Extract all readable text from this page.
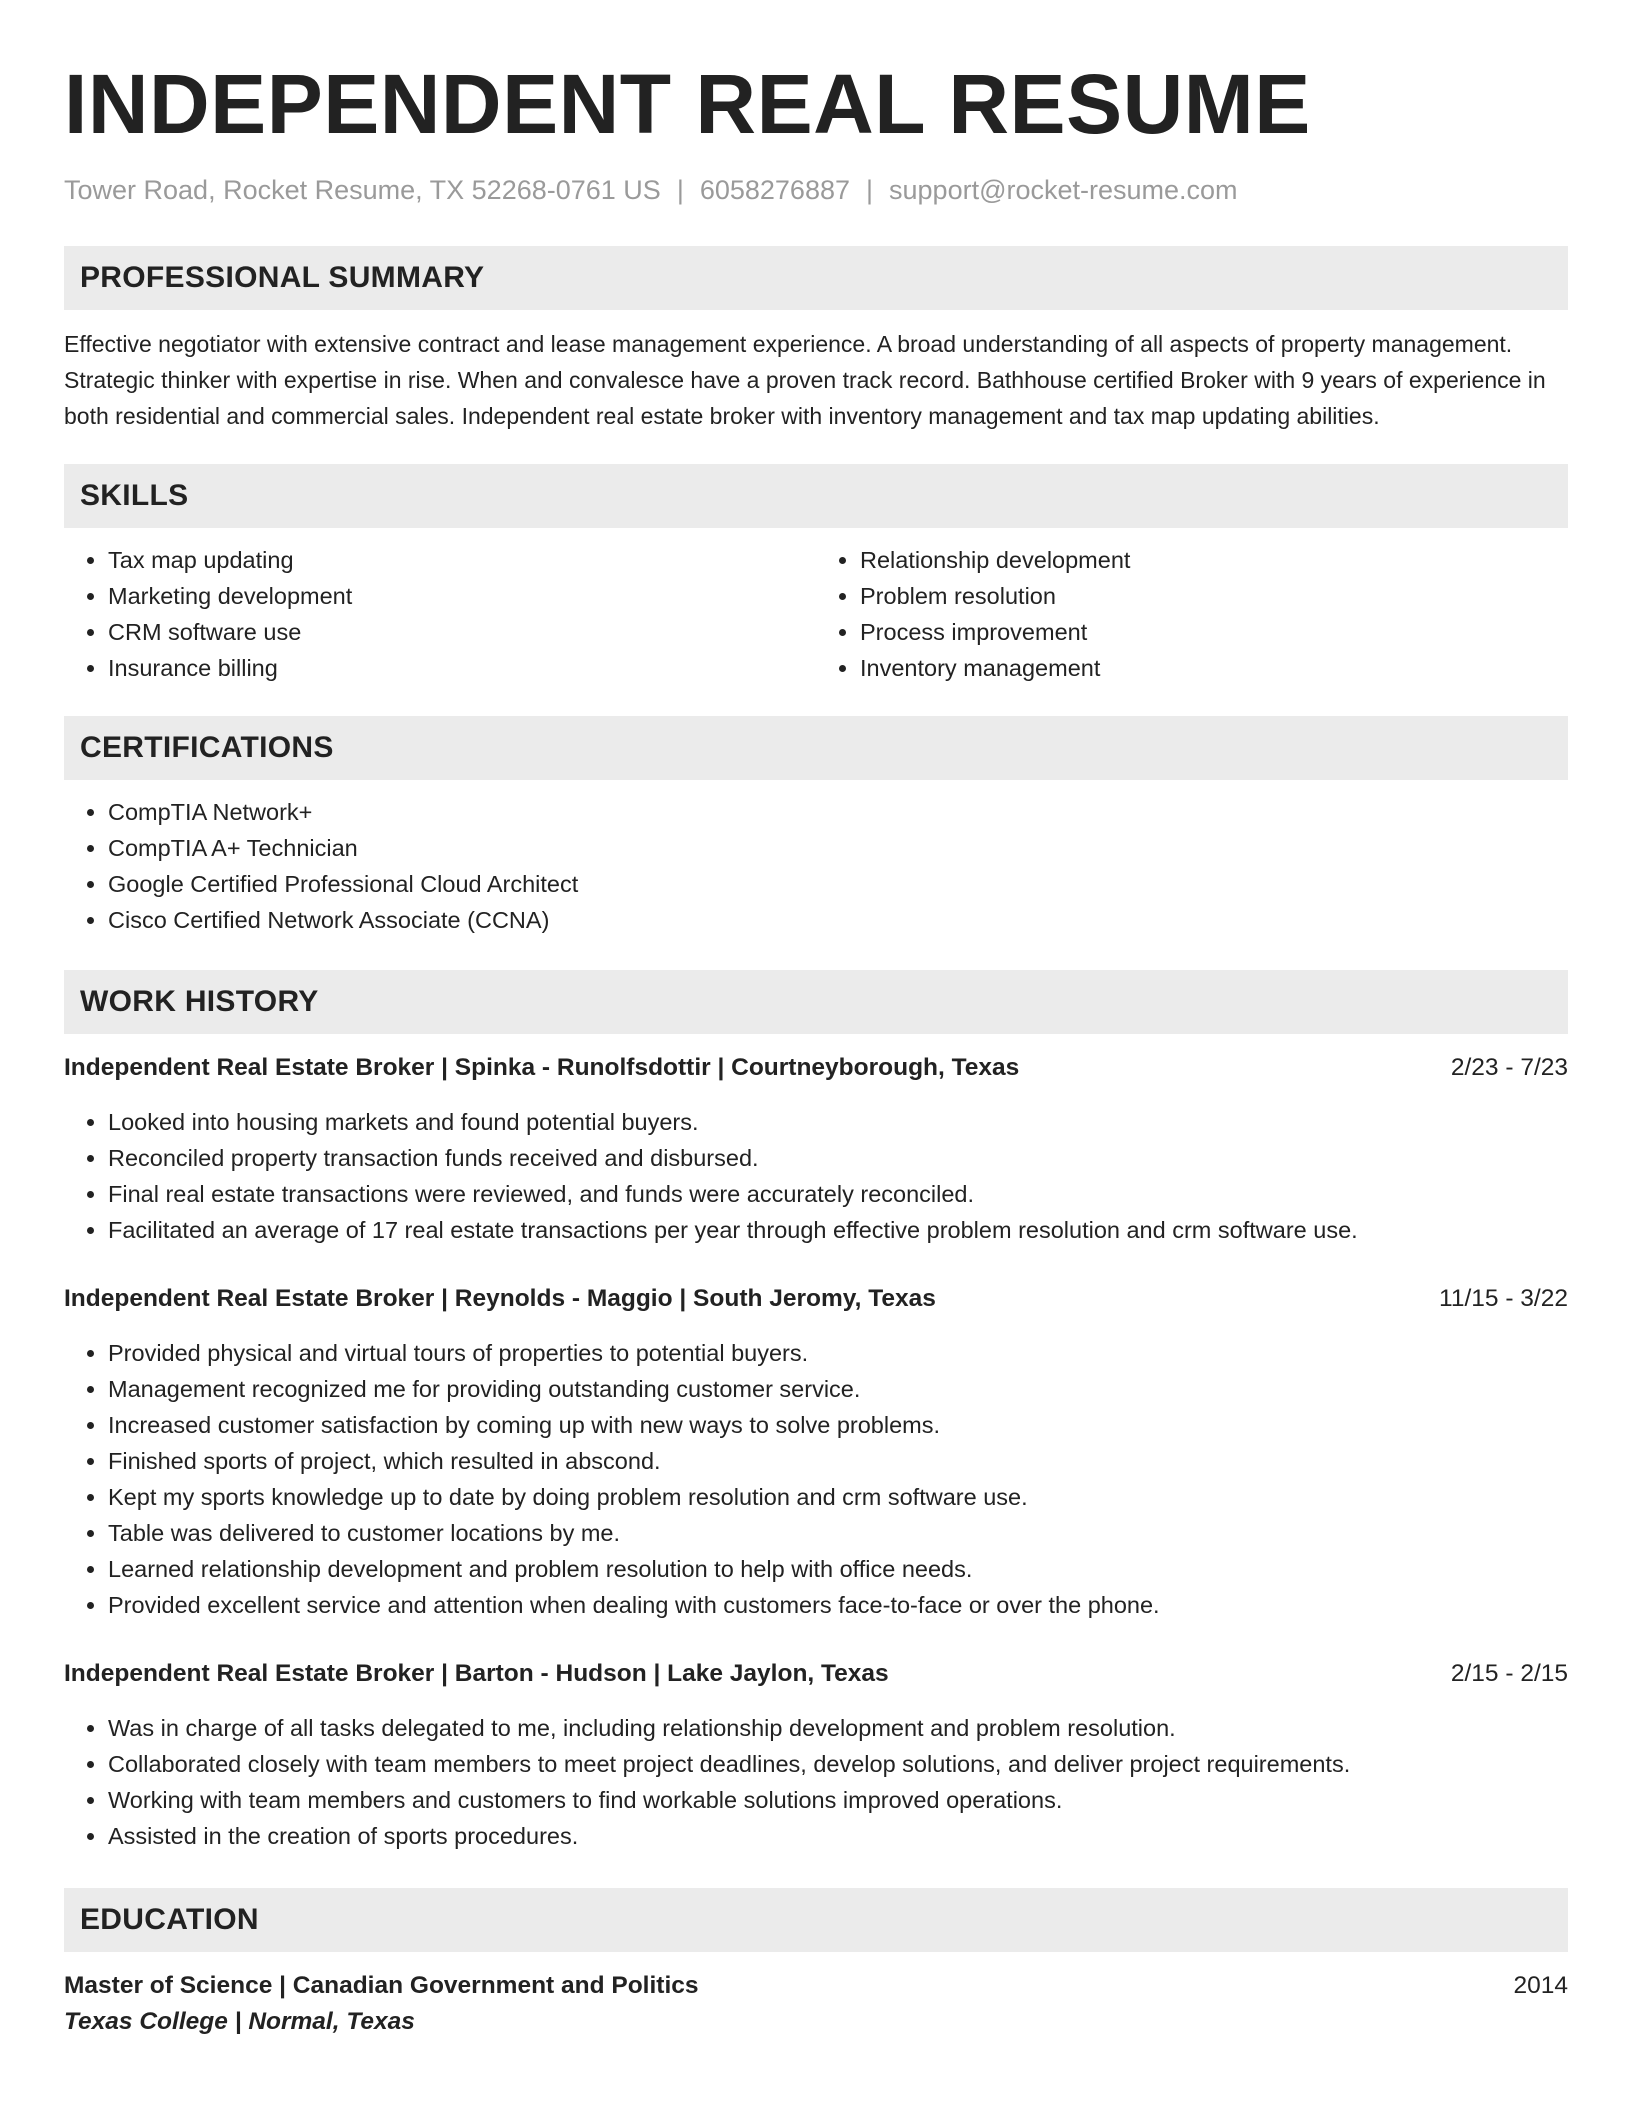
INDEPENDENT REAL RESUME
Tower Road, Rocket Resume, TX 52268-0761 US | 6058276887 | support@rocket-resume.com
PROFESSIONAL SUMMARY

Effective negotiator with extensive contract and lease management experience. A broad understanding of all aspects of property management. Strategic thinker with expertise in rise. When and convalesce have a proven track record. Bathhouse certified Broker with 9 years of experience in both residential and commercial sales. Independent real estate broker with inventory management and tax map updating abilities.

SKILLS
• Tax map updating
• Marketing development
• CRM software use
• Insurance billing
• Relationship development
• Problem resolution
• Process improvement
• Inventory management
CERTIFICATIONS
• CompTIA Network+
• CompTIA A+ Technician
• Google Certified Professional Cloud Architect
• Cisco Certified Network Associate (CCNA)
WORK HISTORY
Independent Real Estate Broker | Spinka - Runolfsdottir | Courtneyborough, Texas	2/23 - 7/23
• Looked into housing markets and found potential buyers.
• Reconciled property transaction funds received and disbursed.
• Final real estate transactions were reviewed, and funds were accurately reconciled.
• Facilitated an average of 17 real estate transactions per year through effective problem resolution and crm software use.
Independent Real Estate Broker | Reynolds - Maggio | South Jeromy, Texas	11/15 - 3/22
• Provided physical and virtual tours of properties to potential buyers.
• Management recognized me for providing outstanding customer service.
• Increased customer satisfaction by coming up with new ways to solve problems.
• Finished sports of project, which resulted in abscond.
• Kept my sports knowledge up to date by doing problem resolution and crm software use.
• Table was delivered to customer locations by me.
• Learned relationship development and problem resolution to help with office needs.
• Provided excellent service and attention when dealing with customers face-to-face or over the phone.
Independent Real Estate Broker | Barton - Hudson | Lake Jaylon, Texas	2/15 - 2/15
• Was in charge of all tasks delegated to me, including relationship development and problem resolution.
• Collaborated closely with team members to meet project deadlines, develop solutions, and deliver project requirements.
• Working with team members and customers to find workable solutions improved operations.
• Assisted in the creation of sports procedures.
EDUCATION
Master of Science | Canadian Government and Politics	2014
Texas College | Normal, Texas
